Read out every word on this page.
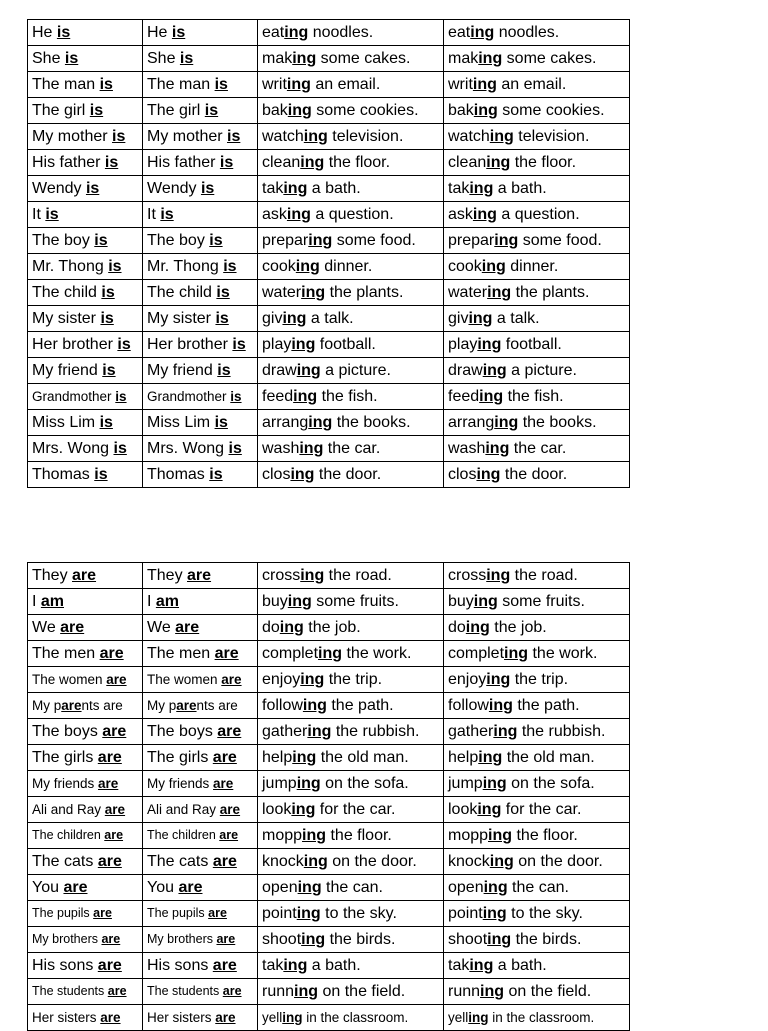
He is	He is	eating noodles.	eating noodles.
She is	She is	making some cakes.	making some cakes.
The man is	The man is	writing an email.	writing an email.
The girl is	The girl is	baking some cookies.	baking some cookies.
My mother is	My mother is	watching television.	watching television.
His father is	His father is	cleaning the floor.	cleaning the floor.
Wendy is	Wendy is	taking a bath.	taking a bath.
It is	It is	asking a question.	asking a question.
The boy is	The boy is	preparing some food.	preparing some food.
Mr. Thong is	Mr. Thong is	cooking dinner.	cooking dinner.
The child is	The child is	watering the plants.	watering the plants.
My sister is	My sister is	giving a talk.	giving a talk.
Her brother is	Her brother is	playing football.	playing football.
My friend is	My friend is	drawing a picture.	drawing a picture.
Grandmother is	Grandmother is	feeding the fish.	feeding the fish.
Miss Lim is	Miss Lim is	arranging the books.	arranging the books.
Mrs. Wong is	Mrs. Wong is	washing the car.	washing the car.
Thomas is	Thomas is	closing the door.	closing the door.
They are	They are	crossing the road.	crossing the road.
I am	I am	buying some fruits.	buying some fruits.
We are	We are	doing the job.	doing the job.
The men are	The men are	completing the work.	completing the work.
The women are	The women are	enjoying the trip.	enjoying the trip.
My parents are	My parents are	following the path.	following the path.
The boys are	The boys are	gathering the rubbish.	gathering the rubbish.
The girls are	The girls are	helping the old man.	helping the old man.
My friends are	My friends are	jumping on the sofa.	jumping on the sofa.
Ali and Ray are	Ali and Ray are	looking for the car.	looking for the car.
The children are	The children are	mopping the floor.	mopping the floor.
The cats are	The cats are	knocking on the door.	knocking on the door.
You are	You are	opening the can.	opening the can.
The pupils are	The pupils are	pointing to the sky.	pointing to the sky.
My brothers are	My brothers are	shooting the birds.	shooting the birds.
His sons are	His sons are	taking a bath.	taking a bath.
The students are	The students are	running on the field.	running on the field.
Her sisters are	Her sisters are	yelling in the classroom.	yelling in the classroom.
